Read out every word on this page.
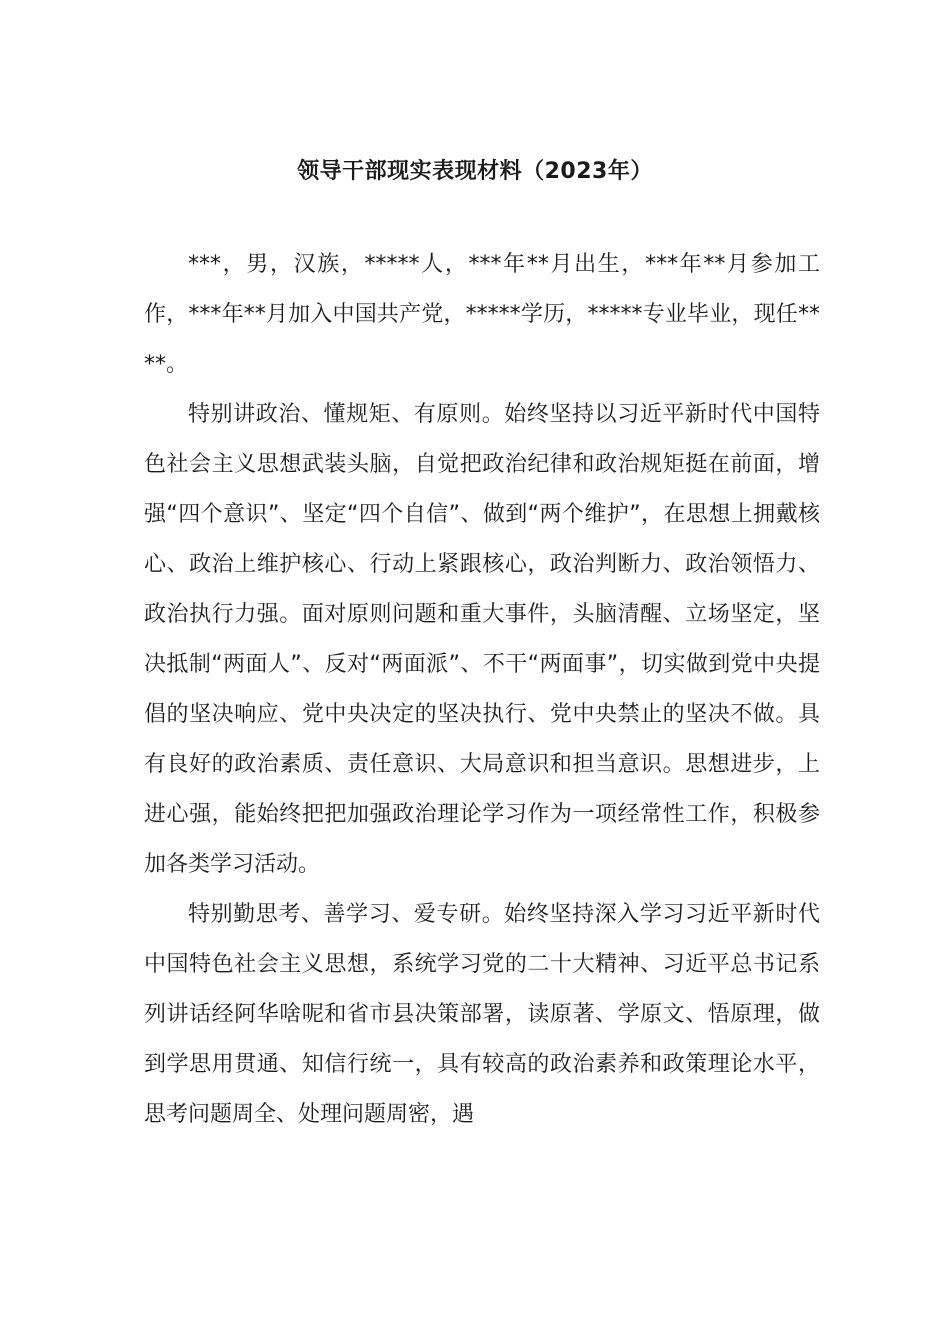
领导干部现实表现材料（2023年）

***，男，汉族，*****人，***年**月出生，***年**月参加工作，***年**月加入中国共产党，*****学历，*****专业毕业，现任****。

特别讲政治、懂规矩、有原则。始终坚持以习近平新时代中国特色社会主义思想武装头脑，自觉把政治纪律和政治规矩挺在前面，增强“四个意识”、坚定“四个自信”、做到“两个维护”，在思想上拥戴核心、政治上维护核心、行动上紧跟核心，政治判断力、政治领悟力、政治执行力强。面对原则问题和重大事件，头脑清醒、立场坚定，坚决抵制“两面人”、反对“两面派”、不干“两面事”，切实做到党中央提倡的坚决响应、党中央决定的坚决执行、党中央禁止的坚决不做。具有良好的政治素质、责任意识、大局意识和担当意识。思想进步，上进心强，能始终把把加强政治理论学习作为一项经常性工作，积极参加各类学习活动。

特别勤思考、善学习、爱专研。始终坚持深入学习习近平新时代中国特色社会主义思想，系统学习党的二十大精神、习近平总书记系列讲话经阿华啥呢和省市县决策部署，读原著、学原文、悟原理，做到学思用贯通、知信行统一，具有较高的政治素养和政策理论水平，思考问题周全、处理问题周密，遇
